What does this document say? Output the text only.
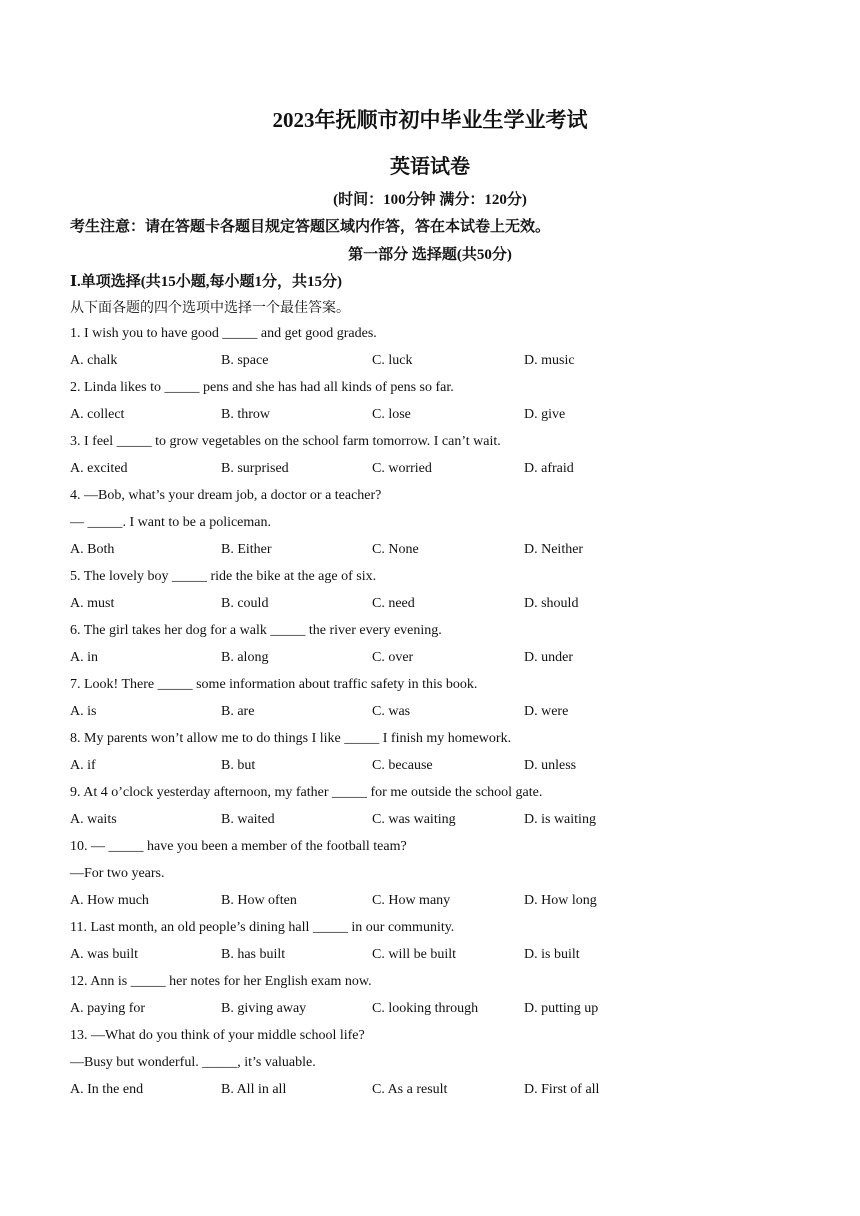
2023年抚顺市初中毕业生学业考试
英语试卷
(时间：100分钟 满分：120分)
考生注意：请在答题卡各题目规定答题区域内作答，答在本试卷上无效。
第一部分 选择题(共50分)
Ⅰ.单项选择(共15小题,每小题1分，共15分)
从下面各题的四个选项中选择一个最佳答案。
1. I wish you to have good _____ and get good grades.
A. chalk	B. space	C. luck	D. music
2. Linda likes to _____ pens and she has had all kinds of pens so far.
A. collect	B. throw	C. lose	D. give
3. I feel _____ to grow vegetables on the school farm tomorrow. I can’t wait.
A. excited	B. surprised	C. worried	D. afraid
4. —Bob, what’s your dream job, a doctor or a teacher?
— _____. I want to be a policeman.
A. Both	B. Either	C. None	D. Neither
5. The lovely boy _____ ride the bike at the age of six.
A. must	B. could	C. need	D. should
6. The girl takes her dog for a walk _____ the river every evening.
A. in	B. along	C. over	D. under
7. Look! There _____ some information about traffic safety in this book.
A. is	B. are	C. was	D. were
8. My parents won’t allow me to do things I like _____ I finish my homework.
A. if	B. but	C. because	D. unless
9. At 4 o’clock yesterday afternoon, my father _____ for me outside the school gate.
A. waits	B. waited	C. was waiting	D. is waiting
10. — _____ have you been a member of the football team?
—For two years.
A. How much	B. How often	C. How many	D. How long
11. Last month, an old people’s dining hall _____ in our community.
A. was built	B. has built	C. will be built	D. is built
12. Ann is _____ her notes for her English exam now.
A. paying for	B. giving away	C. looking through	D. putting up
13. —What do you think of your middle school life?
—Busy but wonderful. _____, it’s valuable.
A. In the end	B. All in all	C. As a result	D. First of all
